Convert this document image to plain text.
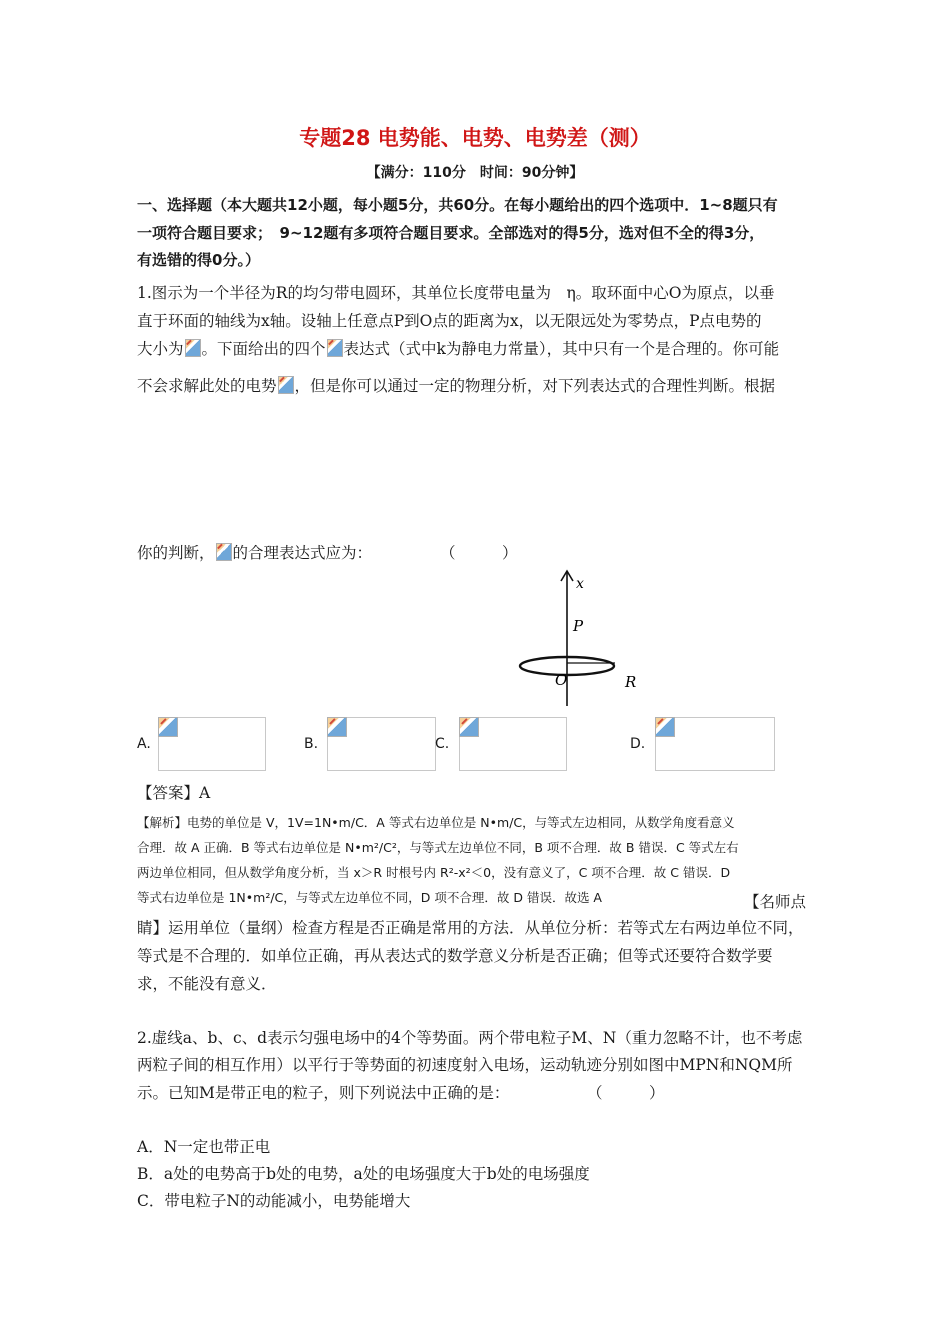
专题28 电势能、电势、电势差（测）
【满分：110分　时间：90分钟】
一、选择题（本大题共12小题，每小题5分，共60分。在每小题给出的四个选项中．1~8题只有
一项符合题目要求；　9~12题有多项符合题目要求。全部选对的得5分，选对但不全的得3分，
有选错的得0分。）
1.图示为一个半径为R的均匀带电圆环，其单位长度带电量为　η。取环面中心O为原点，以垂
直于环面的轴线为x轴。设轴上任意点P到O点的距离为x，以无限远处为零势点，P点电势的
大小为 。下面给出的四个 表达式（式中k为静电力常量），其中只有一个是合理的。你可能
不会求解此处的电势 ，但是你可以通过一定的物理分析，对下列表达式的合理性判断。根据
你的判断， 的合理表达式应为：	（　　　）
x
P
O	R
A.	B.	C.	D.
【答案】A
【解析】电势的单位是 V，1V=1N•m/C．A 等式右边单位是 N•m/C，与等式左边相同，从数学角度看意义
合理．故 A 正确．B 等式右边单位是 N•m²/C²，与等式左边单位不同，B 项不合理．故 B 错误．C 等式左右
两边单位相同，但从数学角度分析，当 x＞R 时根号内 R²-x²＜0，没有意义了，C 项不合理．故 C 错误．D
等式右边单位是 1N•m²/C，与等式左边单位不同，D 项不合理．故 D 错误．故选 A	【名师点
睛】运用单位（量纲）检查方程是否正确是常用的方法．从单位分析：若等式左右两边单位不同，
等式是不合理的．如单位正确，再从表达式的数学意义分析是否正确；但等式还要符合数学要
求，不能没有意义．
2.虚线a、b、c、d表示匀强电场中的4个等势面。两个带电粒子M、N（重力忽略不计，也不考虑
两粒子间的相互作用）以平行于等势面的初速度射入电场，运动轨迹分别如图中MPN和NQM所
示。已知M是带正电的粒子，则下列说法中正确的是：	（　　　）
A．N一定也带正电
B．a处的电势高于b处的电势，a处的电场强度大于b处的电场强度
C．带电粒子N的动能减小，电势能增大
